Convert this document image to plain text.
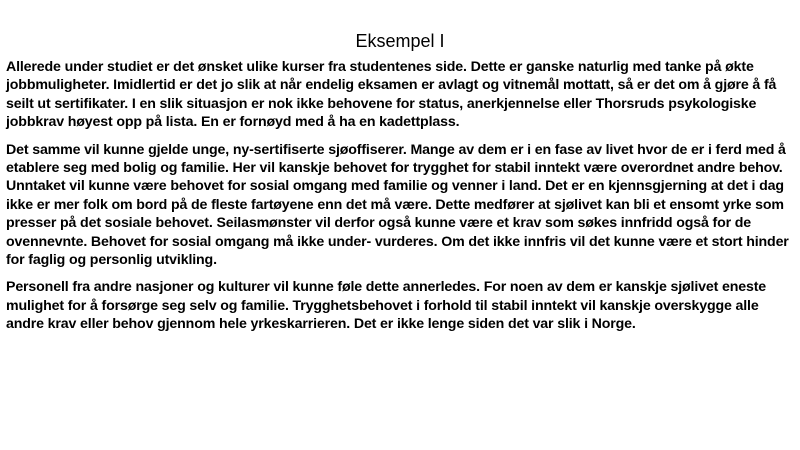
Eksempel I

Allerede under studiet er det ønsket ulike kurser fra studentenes side. Dette er ganske naturlig med tanke på økte jobbmuligheter. Imidlertid er det jo slik at når endelig eksamen er avlagt og vitnemål mottatt, så er det om å gjøre å få seilt ut sertifikater. I en slik situasjon er nok ikke behovene for status, anerkjennelse eller Thorsruds psykologiske jobbkrav høyest opp på lista. En er fornøyd med å ha en kadettplass.

Det samme vil kunne gjelde unge, ny-sertifiserte sjøoffiserer. Mange av dem er i en fase av livet hvor de er i ferd med å etablere seg med bolig og familie. Her vil kanskje behovet for trygghet for stabil inntekt være overordnet andre behov. Unntaket vil kunne være behovet for sosial omgang med familie og venner i land. Det er en kjennsgjerning at det i dag ikke er mer folk om bord på de fleste fartøyene enn det må være. Dette medfører at sjølivet kan bli et ensomt yrke som presser på det sosiale behovet. Seilasmønster vil derfor også kunne være et krav som søkes innfridd også for de ovennevnte. Behovet for sosial omgang må ikke under- vurderes. Om det ikke innfris vil det kunne være et stort hinder for faglig og personlig utvikling.

Personell fra andre nasjoner og kulturer vil kunne føle dette annerledes. For noen av dem er kanskje sjølivet eneste mulighet for å forsørge seg selv og familie. Trygghetsbehovet i forhold til stabil inntekt vil kanskje overskygge alle andre krav eller behov gjennom hele yrkeskarrieren. Det er ikke lenge siden det var slik i Norge.
